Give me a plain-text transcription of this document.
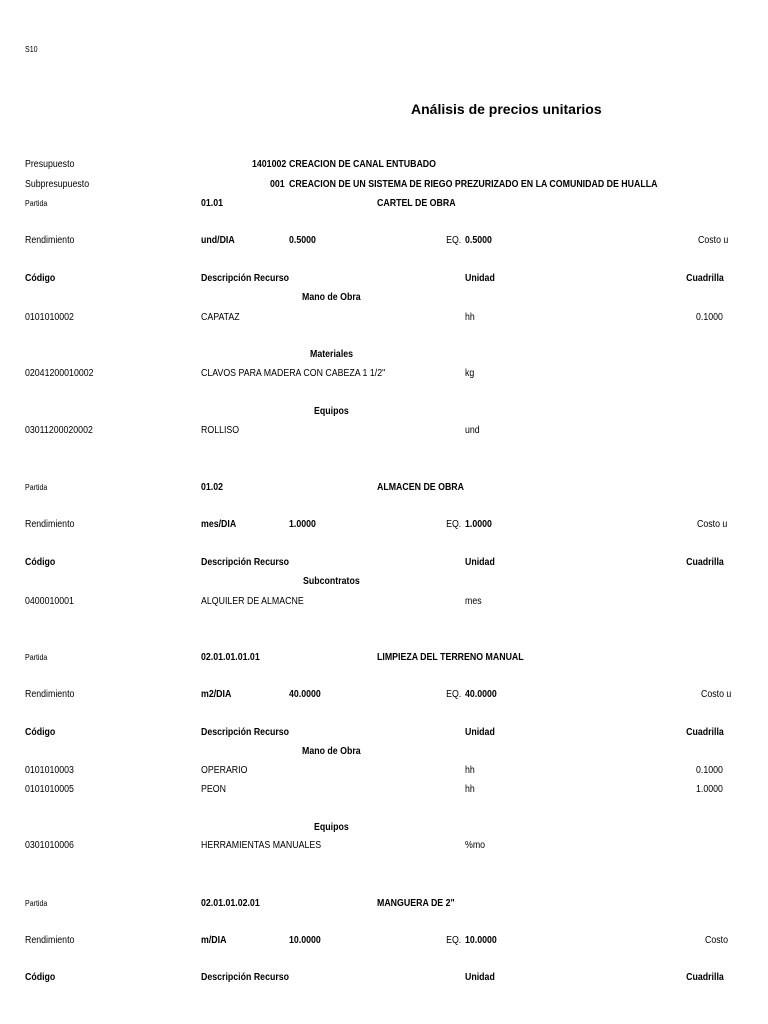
S10
Análisis de precios unitarios
Presupuesto	1401002 CREACION DE CANAL ENTUBADO
Subpresupuesto	001 CREACION DE UN SISTEMA DE RIEGO PREZURIZADO EN LA COMUNIDAD DE HUALLA
Partida	01.01	CARTEL DE OBRA
Rendimiento	und/DIA	0.5000	EQ. 0.5000	Costo u
Código	Descripción Recurso	Unidad	Cuadrilla
Mano de Obra
0101010002	CAPATAZ	hh	0.1000
Materiales
02041200010002	CLAVOS PARA MADERA CON CABEZA 1 1/2"	kg
Equipos
03011200020002	ROLLISO	und
Partida	01.02	ALMACEN DE OBRA
Rendimiento	mes/DIA	1.0000	EQ. 1.0000	Costo u
Código	Descripción Recurso	Unidad	Cuadrilla
Subcontratos
0400010001	ALQUILER DE ALMACNE	mes
Partida	02.01.01.01.01	LIMPIEZA DEL TERRENO MANUAL
Rendimiento	m2/DIA	40.0000	EQ. 40.0000	Costo u
Código	Descripción Recurso	Unidad	Cuadrilla
Mano de Obra
0101010003	OPERARIO	hh	0.1000
0101010005	PEON	hh	1.0000
Equipos
0301010006	HERRAMIENTAS MANUALES	%mo
Partida	02.01.01.02.01	MANGUERA DE 2"
Rendimiento	m/DIA	10.0000	EQ. 10.0000	Costo
Código	Descripción Recurso	Unidad	Cuadrilla
